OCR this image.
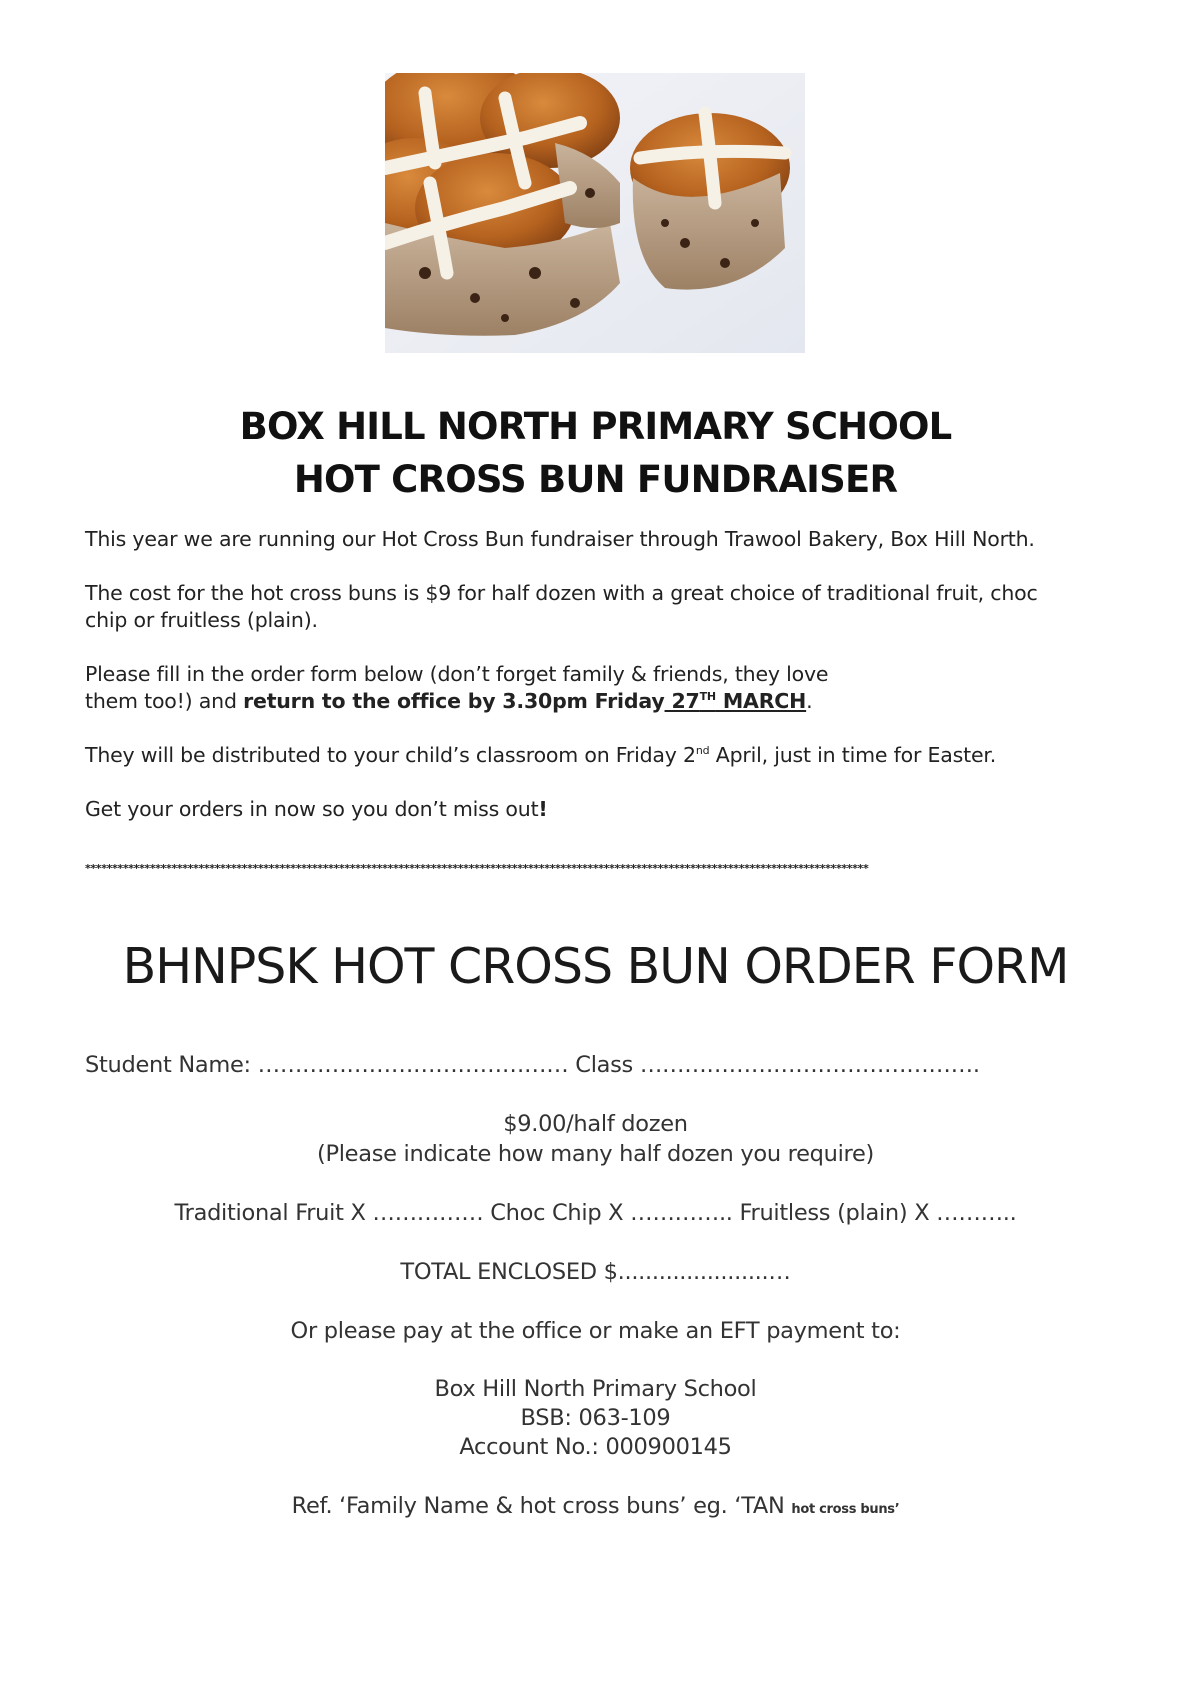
BOX HILL NORTH PRIMARY SCHOOL
HOT CROSS BUN FUNDRAISER
This year we are running our Hot Cross Bun fundraiser through Trawool Bakery, Box Hill North.
The cost for the hot cross buns is $9 for half dozen with a great choice of traditional fruit, choc
chip or fruitless (plain).
Please fill in the order form below (don’t forget family & friends, they love
them too!) and return to the office by 3.30pm Friday 27TH MARCH.
They will be distributed to your child’s classroom on Friday 2nd April, just in time for Easter.
Get your orders in now so you don’t miss out!
*************************************************************************************************************************************************
BHNPSK HOT CROSS BUN ORDER FORM
Student Name: …………………………………… Class ……………………………………….
$9.00/half dozen
(Please indicate how many half dozen you require)
Traditional Fruit X …………… Choc Chip X ………….. Fruitless (plain) X ………..
TOTAL ENCLOSED $......................…
Or please pay at the office or make an EFT payment to:
Box Hill North Primary School
BSB: 063-109
Account No.: 000900145
Ref. ‘Family Name & hot cross buns’ eg. ‘TAN hot cross buns’
